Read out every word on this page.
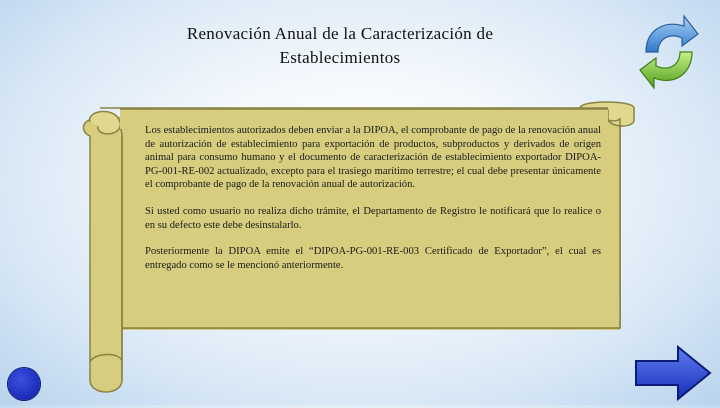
Renovación Anual de la Caracterización de
Establecimientos

Los establecimientos autorizados deben enviar a la DIPOA, el comprobante de pago de la renovación anual de autorización de establecimiento para exportación de productos, subproductos y derivados de origen animal para consumo humano y el documento de caracterización de establecimiento exportador DIPOA-PG-001-RE-002 actualizado, excepto para el trasiego marítimo terrestre; el cual debe presentar únicamente el comprobante de pago de la renovación anual de autorización.

Si usted como usuario no realiza dicho trámite, el Departamento de Registro le notificará que lo realice o en su defecto este debe desinstalarlo.

Posteriormente la DIPOA emite el “DIPOA-PG-001-RE-003 Certificado de Exportador”, el cual es entregado como se le mencionó anteriormente.
